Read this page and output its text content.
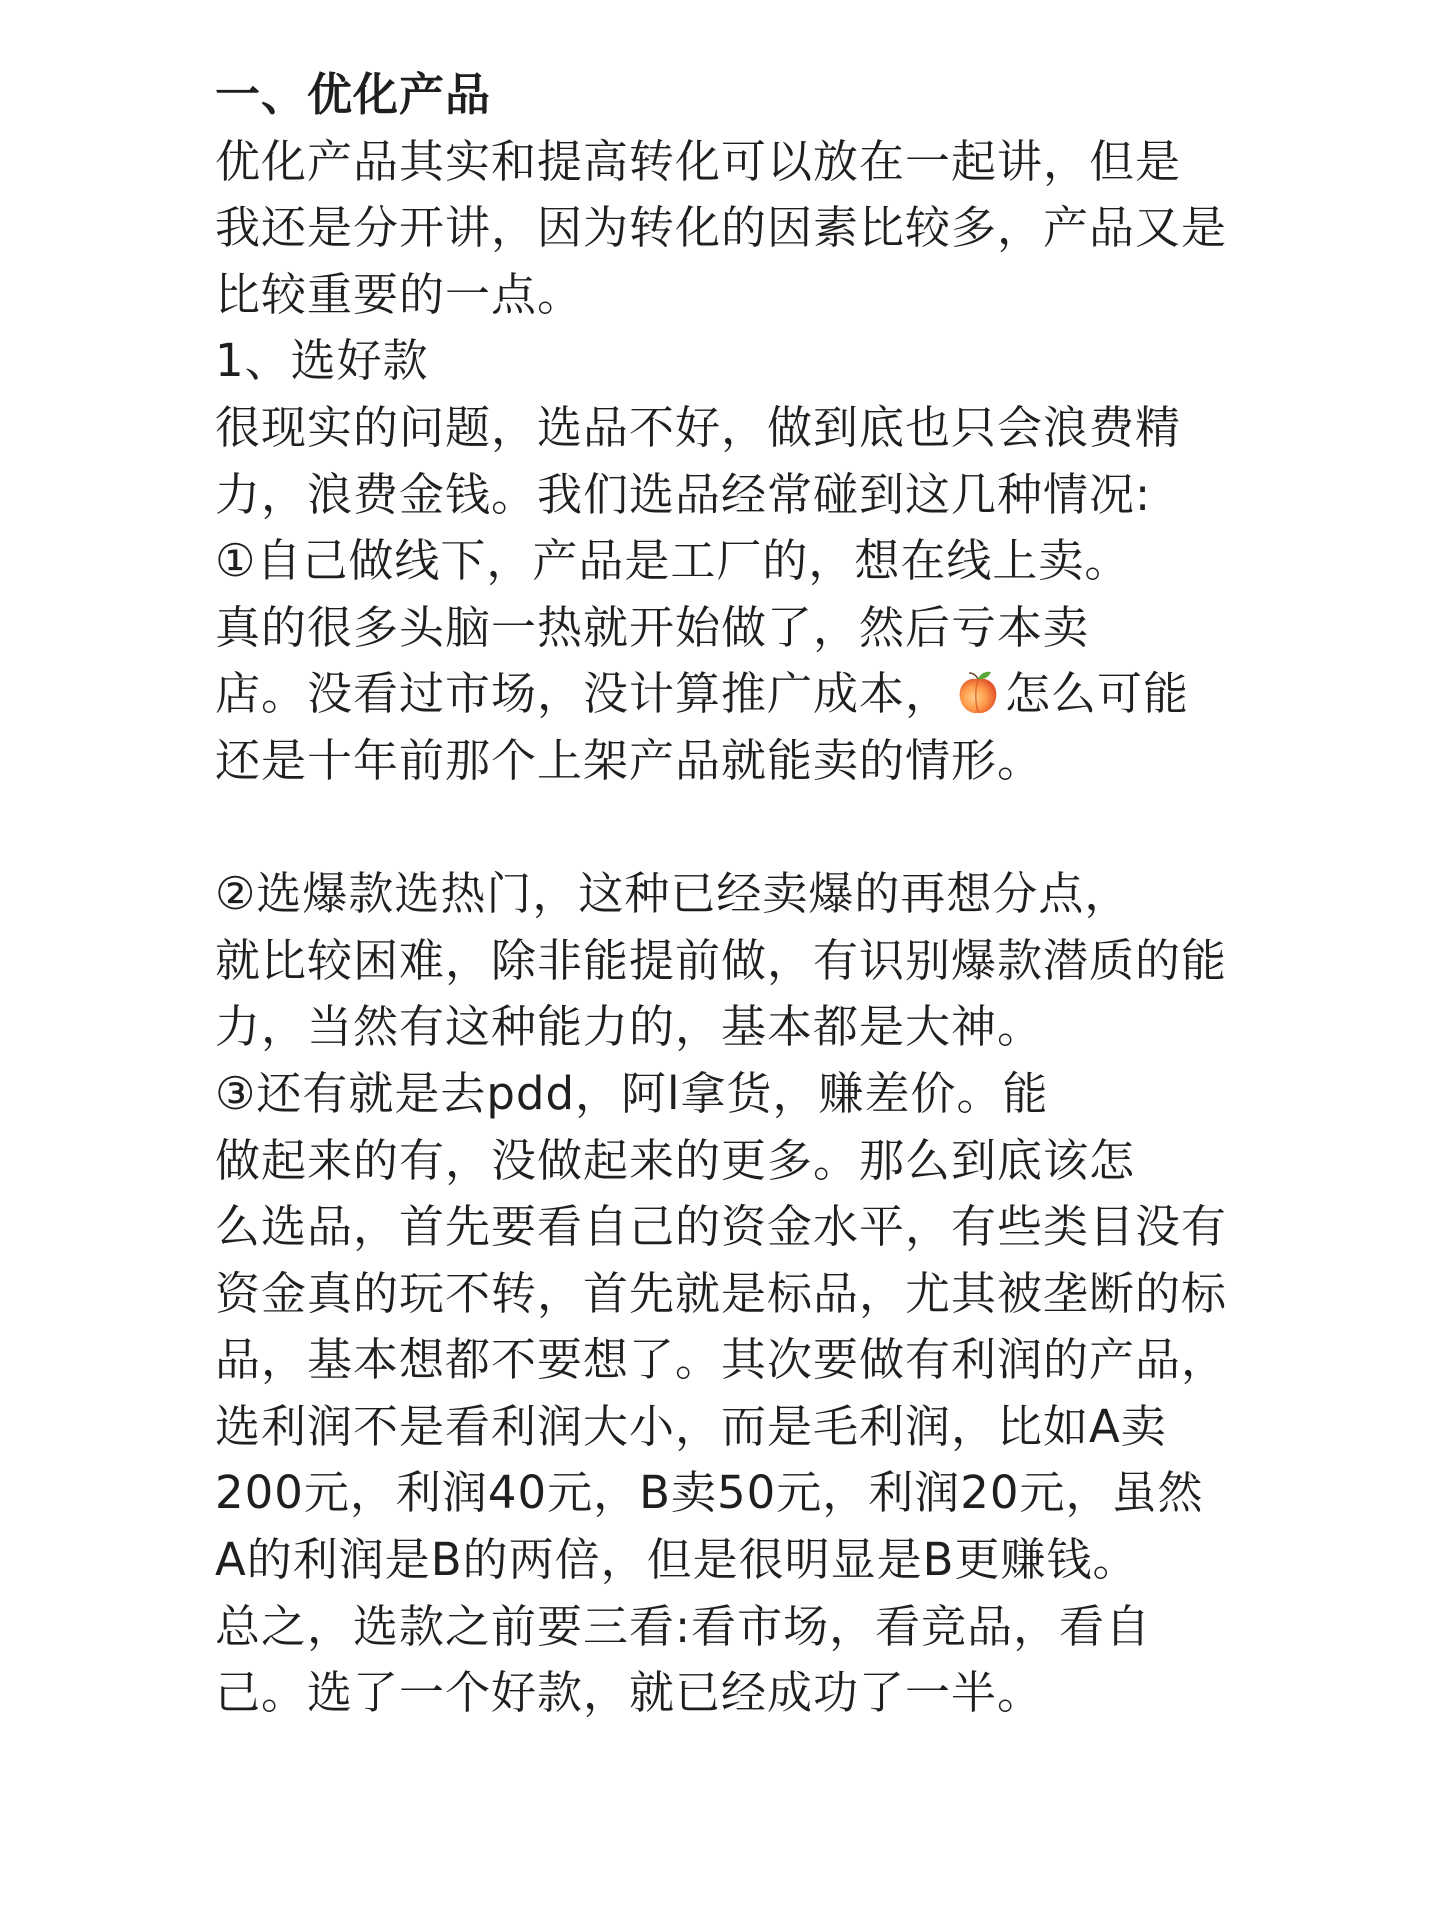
一、优化产品
优化产品其实和提高转化可以放在一起讲，但是
我还是分开讲，因为转化的因素比较多，产品又是
比较重要的一点。
1、选好款
很现实的问题，选品不好，做到底也只会浪费精
力，浪费金钱。我们选品经常碰到这几种情况:
①自己做线下，产品是工厂的，想在线上卖。
真的很多头脑一热就开始做了，然后亏本卖
店。没看过市场，没计算推广成本， 怎么可能
还是十年前那个上架产品就能卖的情形。
②选爆款选热门，这种已经卖爆的再想分点，
就比较困难，除非能提前做，有识别爆款潜质的能
力，当然有这种能力的，基本都是大神。
③还有就是去pdd，阿l拿货，赚差价。能
做起来的有，没做起来的更多。那么到底该怎
么选品，首先要看自己的资金水平，有些类目没有
资金真的玩不转，首先就是标品，尤其被垄断的标
品，基本想都不要想了。其次要做有利润的产品，
选利润不是看利润大小，而是毛利润，比如A卖
200元，利润40元，B卖50元，利润20元，虽然
A的利润是B的两倍，但是很明显是B更赚钱。
总之，选款之前要三看:看市场，看竞品，看自
己。选了一个好款，就已经成功了一半。
